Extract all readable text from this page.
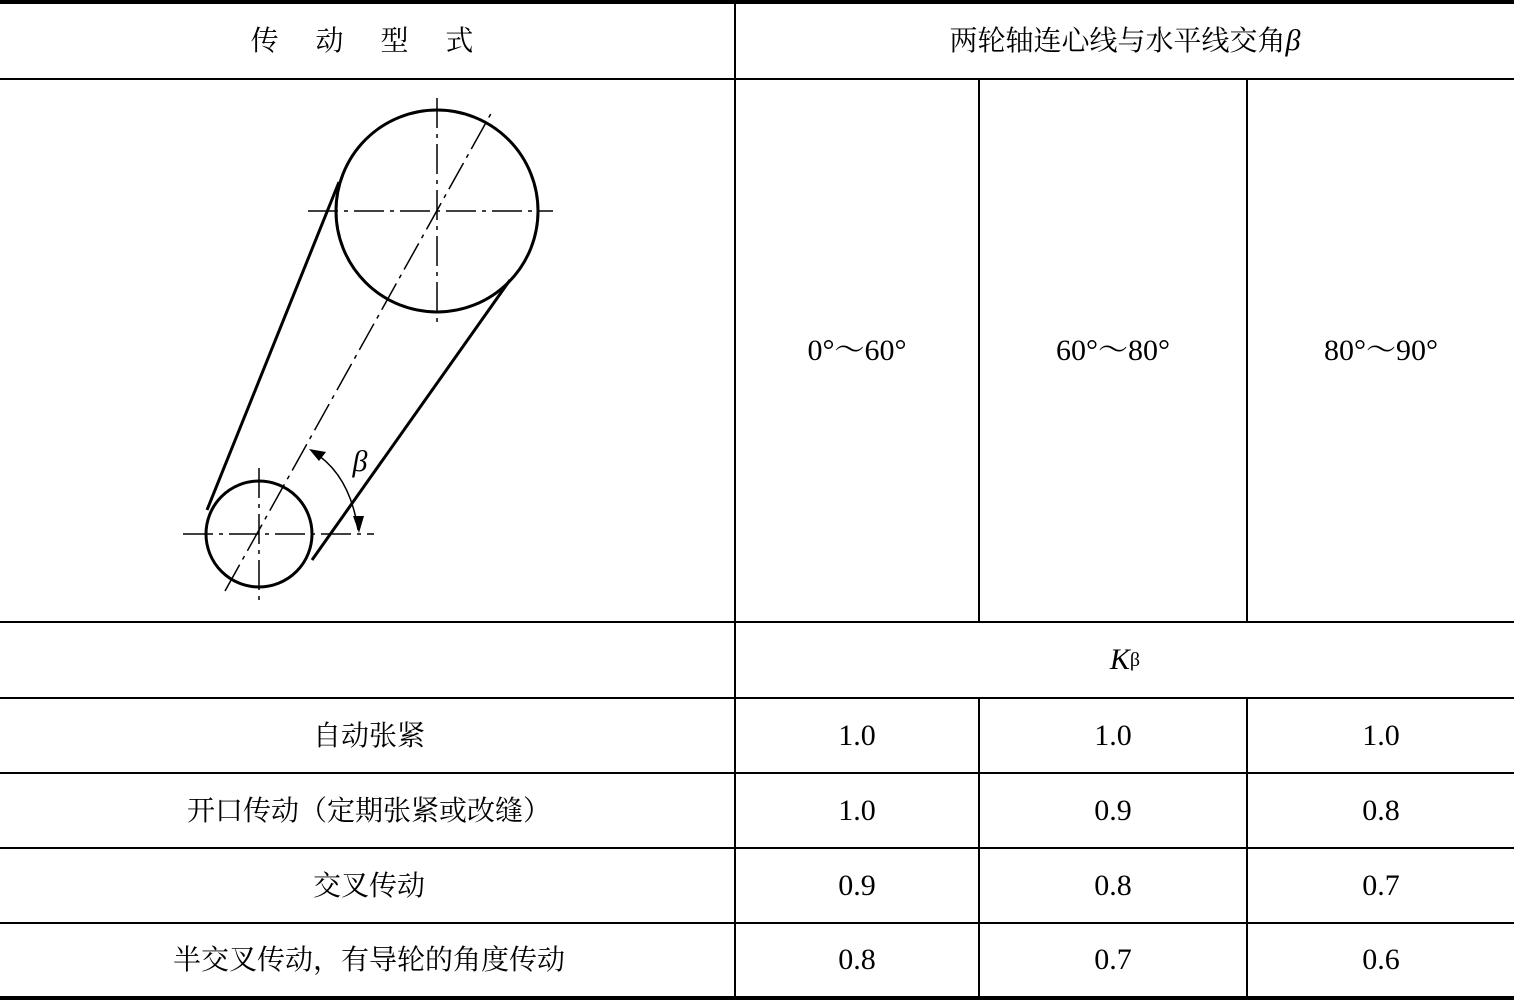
传 动 型 式	两轮轴连心线与水平线交角 β
β
0°～60°	60°～80°	80°～90°
K β
自动张紧	1.0	1.0	1.0
开口传动（定期张紧或改缝）	1.0	0.9	0.8
交叉传动	0.9	0.8	0.7
半交叉传动，有导轮的角度传动	0.8	0.7	0.6
